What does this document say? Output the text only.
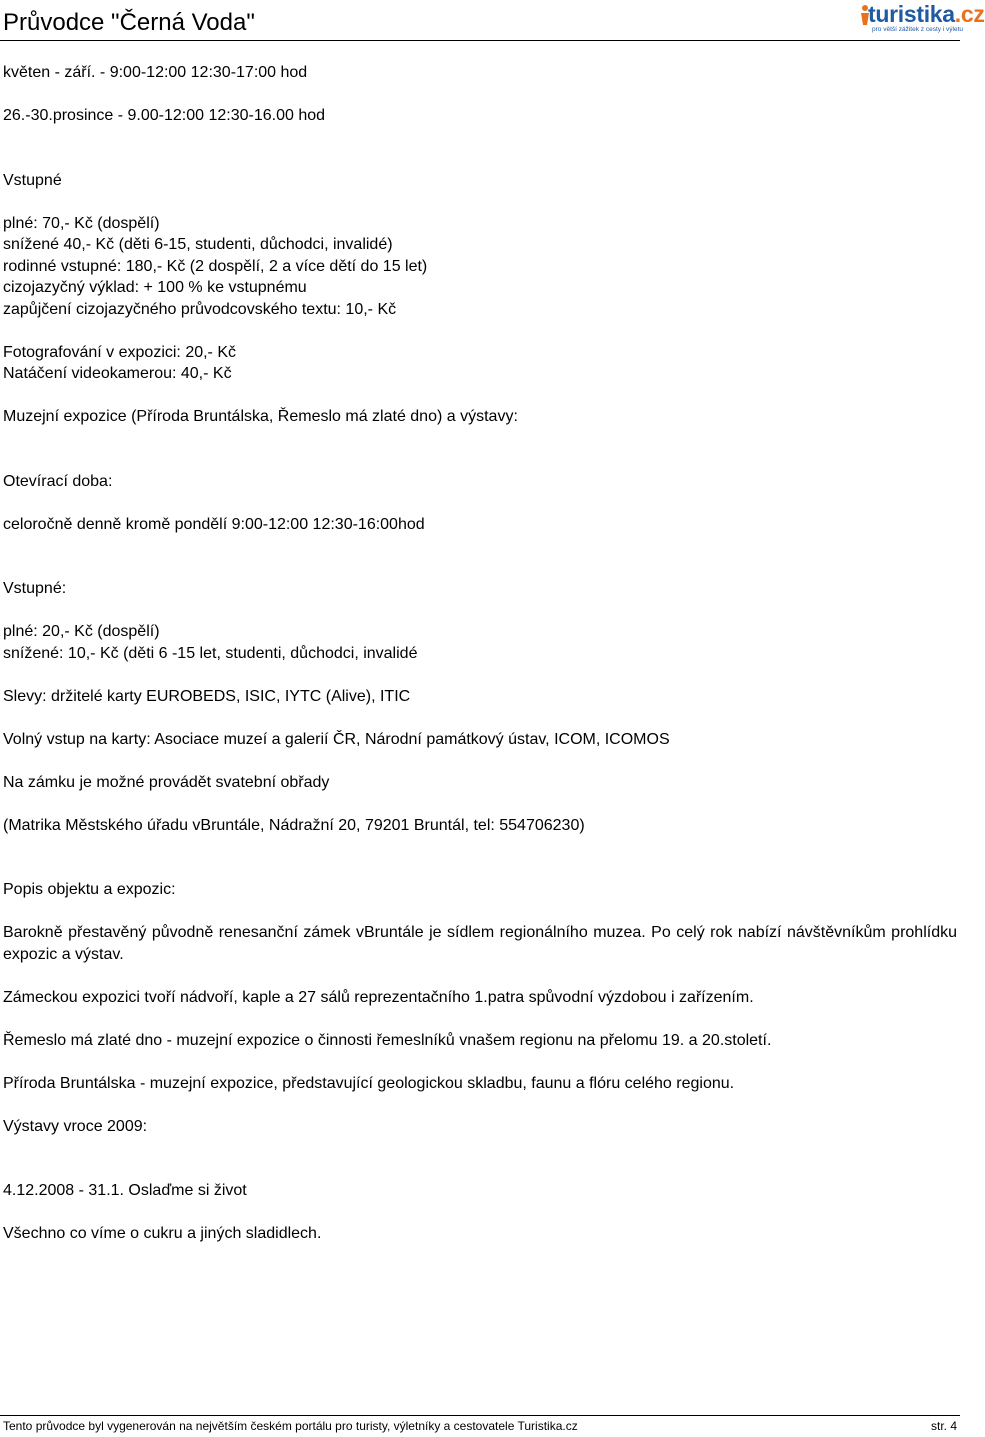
Průvodce "Černá Voda"	turistika.cz
pro větší zážitek z cesty i výletu
květen - září. - 9:00-12:00 12:30-17:00 hod
26.-30.prosince - 9.00-12:00 12:30-16.00 hod
Vstupné
plné: 70,- Kč (dospělí)
snížené 40,- Kč (děti 6-15, studenti, důchodci, invalidé)
rodinné vstupné: 180,- Kč (2 dospělí, 2 a více dětí do 15 let)
cizojazyčný výklad: + 100 % ke vstupnému
zapůjčení cizojazyčného průvodcovského textu: 10,- Kč
Fotografování v expozici: 20,- Kč
Natáčení videokamerou: 40,- Kč
Muzejní expozice (Příroda Bruntálska, Řemeslo má zlaté dno) a výstavy:
Otevírací doba:
celoročně denně kromě pondělí 9:00-12:00 12:30-16:00hod
Vstupné:
plné: 20,- Kč (dospělí)
snížené: 10,- Kč (děti 6 -15 let, studenti, důchodci, invalidé
Slevy: držitelé karty EUROBEDS, ISIC, IYTC (Alive), ITIC
Volný vstup na karty: Asociace muzeí a galerií ČR, Národní památkový ústav, ICOM, ICOMOS
Na zámku je možné provádět svatební obřady
(Matrika Městského úřadu vBruntále, Nádražní 20, 79201 Bruntál, tel: 554706230)
Popis objektu a expozic:
Barokně přestavěný původně renesanční zámek vBruntále je sídlem regionálního muzea. Po celý rok nabízí návštěvníkům prohlídku expozic a výstav.
Zámeckou expozici tvoří nádvoří, kaple a 27 sálů reprezentačního 1.patra spůvodní výzdobou i zařízením.
Řemeslo má zlaté dno - muzejní expozice o činnosti řemeslníků vnašem regionu na přelomu 19. a 20.století.
Příroda Bruntálska - muzejní expozice, představující geologickou skladbu, faunu a flóru celého regionu.
Výstavy vroce 2009:
4.12.2008 - 31.1. Oslaďme si život
Všechno co víme o cukru a jiných sladidlech.
Tento průvodce byl vygenerován na největším českém portálu pro turisty, výletníky a cestovatele Turistika.cz	str. 4
